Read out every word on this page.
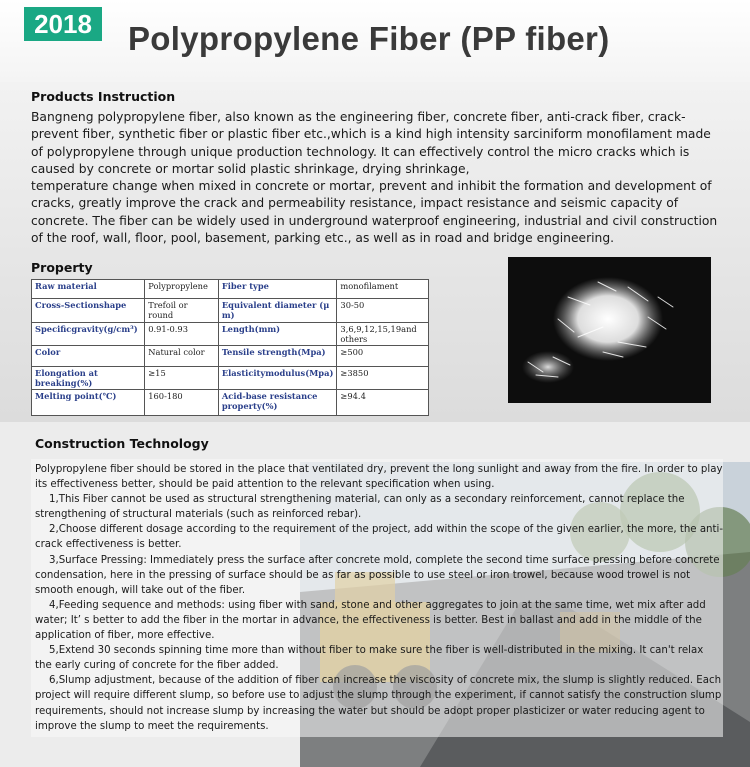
2018	Polypropylene Fiber (PP fiber)
Products Instruction

Bangneng polypropylene fiber, also known as the engineering fiber, concrete fiber, anti-crack fiber, crack-prevent fiber, synthetic fiber or plastic fiber etc.,which is a kind high intensity sarciniform monofilament made of polypropylene through unique production technology. It can effectively control the micro cracks which is caused by concrete or mortar solid plastic shrinkage, drying shrinkage,

temperature change when mixed in concrete or mortar, prevent and inhibit the formation and development of cracks, greatly improve the crack and permeability resistance, impact resistance and seismic capacity of concrete. The fiber can be widely used in underground waterproof engineering, industrial and civil construction of the roof, wall, floor, pool, basement, parking etc., as well as in road and bridge engineering.

Property
Raw material	Polypropylene	Fiber type	monofilament
Cross-Sectionshape	Trefoil or round	Equivalent diameter (μ m)	30-50
Specificgravity(g/cm³)	0.91-0.93	Length(mm)	3,6,9,12,15,19and others
Color	Natural color	Tensile strength(Mpa)	≥500
Elongation at breaking(%)	≥15	Elasticitymodulus(Mpa)	≥3850
Melting point(℃)	160-180	Acid-base resistance property(%)	≥94.4
Construction Technology

Polypropylene fiber should be stored in the place that ventilated dry, prevent the long sunlight and away from the fire. In order to play its effectiveness better, should be paid attention to the relevant specification when using.

1,This Fiber cannot be used as structural strengthening material, can only as a secondary reinforcement, cannot replace the strengthening of structural materials (such as reinforced rebar).

2,Choose different dosage according to the requirement of the project, add within the scope of the given earlier, the more, the anti-crack effectiveness is better.

3,Surface Pressing: Immediately press the surface after concrete mold, complete the second time surface pressing before concrete condensation, here in the pressing of surface should be as far as possible to use steel or iron trowel, because wood trowel is not smooth enough, will take out of the fiber.

4,Feeding sequence and methods: using fiber with sand, stone and other aggregates to join at the same time, wet mix after add water; It’ s better to add the fiber in the mortar in advance, the effectiveness is better. Best in ballast and add in the middle of the application of fiber, more effective.

5,Extend 30 seconds spinning time more than without fiber to make sure the fiber is well-distributed in the mixing. It can't relax the early curing of concrete for the fiber added.

6,Slump adjustment, because of the addition of fiber can increase the viscosity of concrete mix, the slump is slightly reduced. Each project will require different slump, so before use to adjust the slump through the experiment, if cannot satisfy the construction slump requirements, should not increase slump by increasing the water but should be adopt proper plasticizer or water reducing agent to improve the slump to meet the requirements.
